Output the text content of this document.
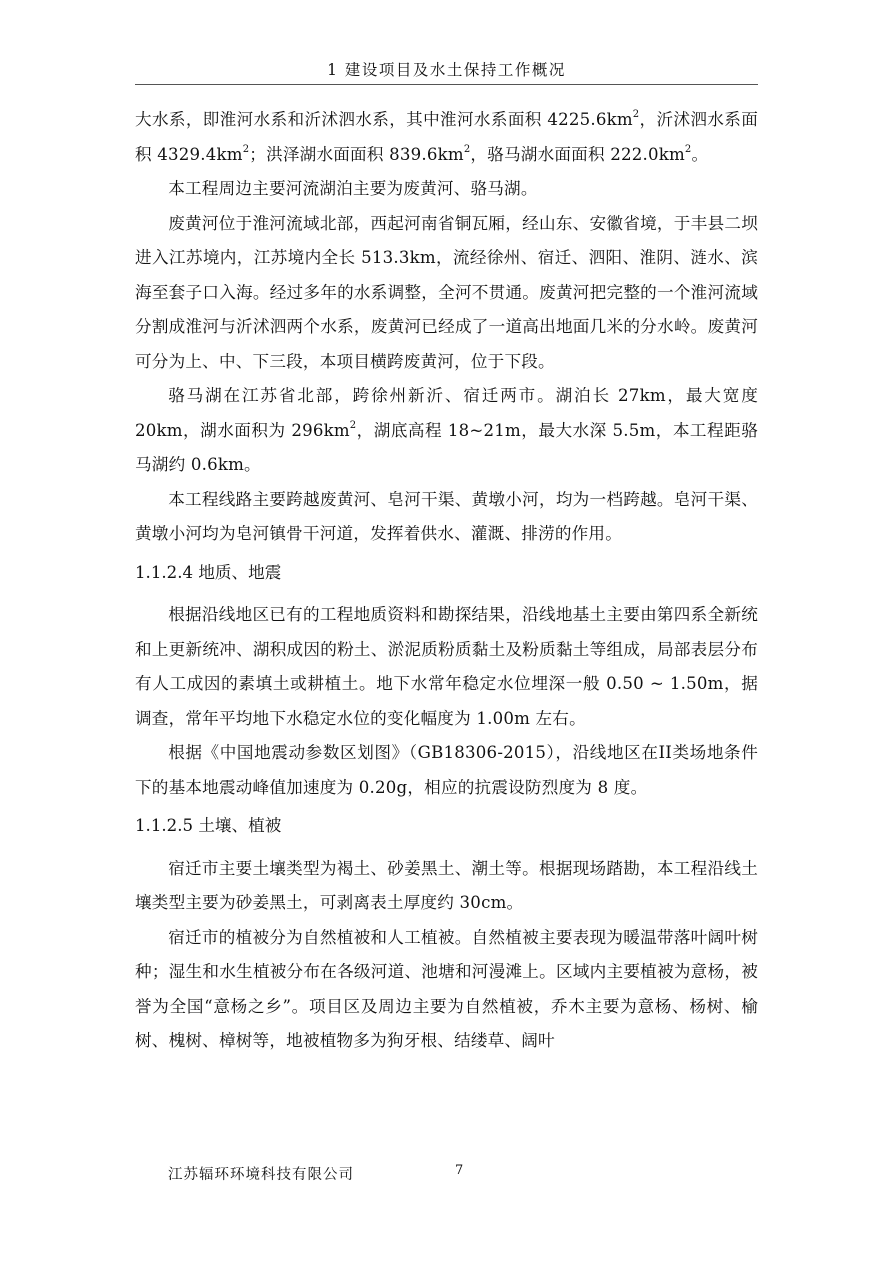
1 建设项目及水土保持工作概况

大水系，即淮河水系和沂沭泗水系，其中淮河水系面积 $4225.6km^2$，沂沭泗水系面积 $4329.4km^2$；洪泽湖水面面积 $839.6km^2$，骆马湖水面面积 $222.0km^2$。

本工程周边主要河流湖泊主要为废黄河、骆马湖。

废黄河位于淮河流域北部，西起河南省铜瓦厢，经山东、安徽省境，于丰县二坝进入江苏境内，江苏境内全长 513.3km，流经徐州、宿迁、泗阳、淮阴、涟水、滨海至套子口入海。经过多年的水系调整，全河不贯通。废黄河把完整的一个淮河流域分割成淮河与沂沭泗两个水系，废黄河已经成了一道高出地面几米的分水岭。废黄河可分为上、中、下三段，本项目横跨废黄河，位于下段。

骆马湖在江苏省北部，跨徐州新沂、宿迁两市。湖泊长 27km，最大宽度 20km，湖水面积为 $296km^2$，湖底高程 18~21m，最大水深 5.5m，本工程距骆马湖约 0.6km。

本工程线路主要跨越废黄河、皂河干渠、黄墩小河，均为一档跨越。皂河干渠、黄墩小河均为皂河镇骨干河道，发挥着供水、灌溉、排涝的作用。

1.1.2.4 地质、地震

根据沿线地区已有的工程地质资料和勘探结果，沿线地基土主要由第四系全新统和上更新统冲、湖积成因的粉土、淤泥质粉质黏土及粉质黏土等组成，局部表层分布有人工成因的素填土或耕植土。地下水常年稳定水位埋深一般 0.50 ~ 1.50m，据调查，常年平均地下水稳定水位的变化幅度为 1.00m 左右。

根据《中国地震动参数区划图》（GB18306-2015），沿线地区在II类场地条件下的基本地震动峰值加速度为 0.20g，相应的抗震设防烈度为 8 度。

1.1.2.5 土壤、植被

宿迁市主要土壤类型为褐土、砂姜黑土、潮土等。根据现场踏勘，本工程沿线土壤类型主要为砂姜黑土，可剥离表土厚度约 30cm。

宿迁市的植被分为自然植被和人工植被。自然植被主要表现为暖温带落叶阔叶树种；湿生和水生植被分布在各级河道、池塘和河漫滩上。区域内主要植被为意杨，被誉为全国“意杨之乡”。项目区及周边主要为自然植被，乔木主要为意杨、杨树、榆树、槐树、樟树等，地被植物多为狗牙根、结缕草、阔叶

江苏辐环环境科技有限公司	7
